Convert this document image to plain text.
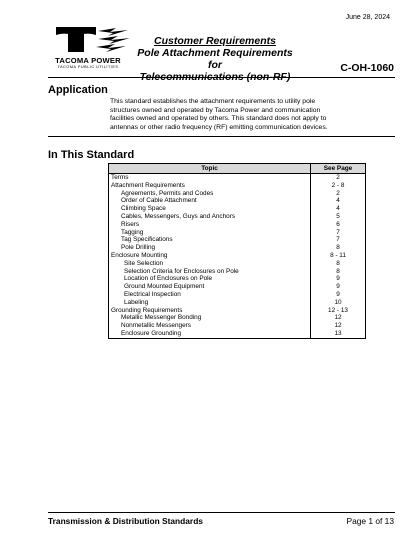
June 28, 2024
TACOMA POWER
TACOMA PUBLIC UTILITIES
Customer Requirements
Pole Attachment Requirements for
Telecommunications (non-RF)
C-OH-1060
Application
This standard establishes the attachment requirements to utility pole structures owned and operated by Tacoma Power and communication facilities owned and operated by others. This standard does not apply to antennas or other radio frequency (RF) emitting communication devices.
In This Standard
Topic	See Page
Terms	2
Attachment Requirements	2 - 8
Agreements, Permits and Codes	2
Order of Cable Attachment	4
Climbing Space	4
Cables, Messengers, Guys and Anchors	5
Risers	6
Tagging	7
Tag Specifications	7
Pole Drilling	8
Enclosure Mounting	8 - 11
Site Selection	8
Selection Criteria for Enclosures on Pole	8
Location of Enclosures on Pole	9
Ground Mounted Equipment	9
Electrical Inspection	9
Labeling	10
Grounding Requirements	12 - 13
Metallic Messenger Bonding	12
Nonmetallic Messengers	12
Enclosure Grounding	13
Transmission & Distribution Standards	Page 1 of 13
